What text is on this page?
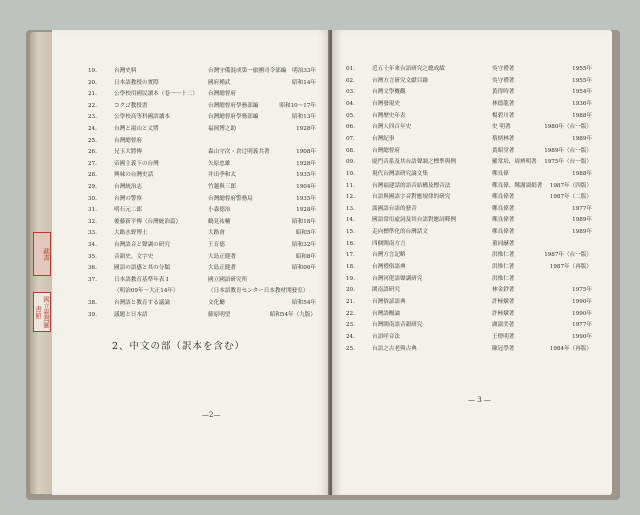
藏書
國立臺灣圖書館
2、中文の部（訳本を含む）
—2—
19.	台灣史料	台灣守備混成第一旅團司令部編 明治33年
20.	日本語教授の實際	國府種武	昭和14年
21.	公學校用國民讀本（卷一～十二） 台灣總督府
22.	コクゴ教授書	台灣總督府學務部編	昭和10～17年
23.	公學校高等科國語讀本	台灣總督府學務部編	昭和13年
24.	台灣と湯山と丈將	福岡博之助	1928年
25.	台灣總督府
26.	兄玉大將傳	森山守次・倉辻明義共著	1908年
27.	帝國主義下の台灣	矢原忠雄	1928年
28.	興味の台灣史話	井出季和太	1935年
29.	台灣統治志	竹越與三郎	1904年
30.	台灣の警察	台灣總督府警務局	1935年
31.	明石元二郎	小森德治	1928年
32.	後藤新平傳（台灣統治篇）	鶴見祐輔	昭和18年
33.	大路水野博士	大路會	昭和5年
34.	台灣語音と聲調の研究	王育德	昭和32年
35.	音韻史、文字史	大島正健著	昭和8年
36.	國語の語感と其の分類	大島正健著	昭和06年
37.	日本語教育基準年表 Ⅰ	國立國語研究所
（明治09年～大正14年）	（日本語教育センター日本教材開發室）
38.	台灣語と教育する議論	文化廳	昭和54年
39.	議題と日本語	藤原明望	昭和54年（九版）
— 3 —
01.	近五十年來台語研究之總成績	吳守禮著	1955年
02.	台灣方言研究文獻目錄	吳守禮著	1955年
03.	台灣文學概觀	黃得時著	1954年
04.	台灣發現史	林德龍著	1936年
05.	台灣歷史年表	楊碧川著	1988年
06.	台灣人四百年史	史 明著	1980年（台一版）
07.	台灣紀事	蔡炳林著	1989年
08.	台灣總督府	黃昭堂著	1989年（台一版）
09.	廈門音系及其台語聲調之標準與例	羅常培、周辨明著 1975年（台一版）
10.	現代台灣語研究論文集	鄭良偉	1988年
11.	台灣福建話的語音結構及標音法	鄭良偉、鄭謝淑娟著 1987年（四版）
12.	台語與國語字音對應規律的研究	鄭良偉著	1987年（二版）
13.	談國語台語的發音	鄭良偉著	1977年
14.	國語常用虛詞及其台語對應詞釋例	鄭良偉著	1989年
15.	走向標準化的台灣話文	鄭良偉著	1989年
16.	四個閩南方言	董同龢著
17.	台灣方言記略	洪惟仁著	1987年（台一版）
18.	台灣禮俗語典	洪惟仁著	1987年（再版）
19.	台灣河佬語聲調研究	洪惟仁著
20.	閩南語研究	林金鈔著	1975年
21.	台灣俗諺語典	許極燉著	1990年
22.	台灣語概論	許極燉著	1990年
23.	台灣閩南語音韻研究	盧淑美著	1977年
24.	台語呼音法	王燈明著	1990年
25.	台語之古老與古典	陳冠學著	1984年（再版）
